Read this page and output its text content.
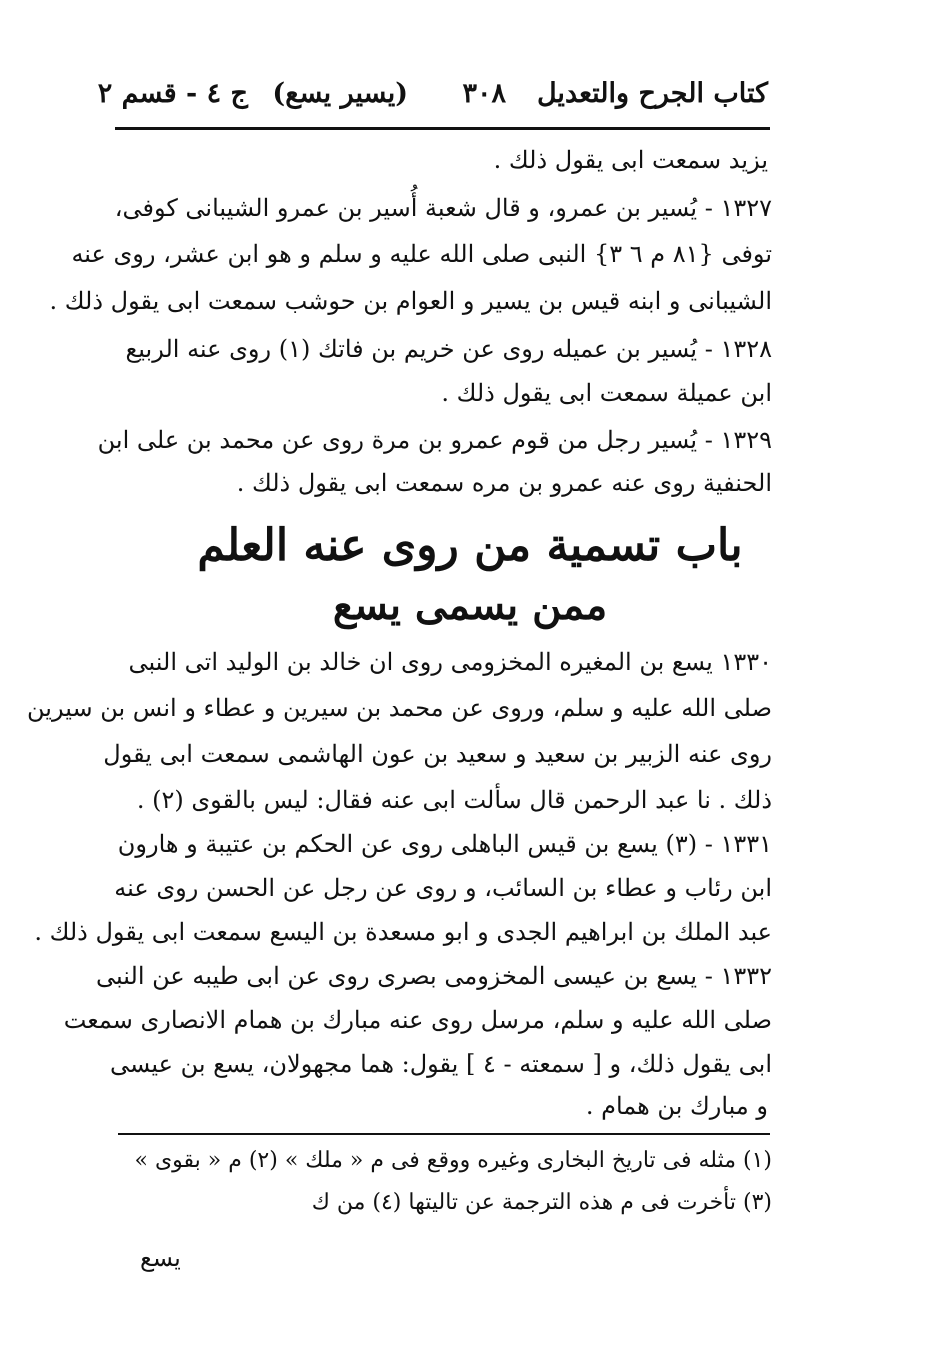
كتاب الجرح والتعديل
٣٠٨
(يسير يسع)
ج ٤ - قسم ٢
يزيد سمعت ابى يقول ذلك .
١٣٢٧ - يُسير بن عمرو، و قال شعبة أُسير بن عمرو الشيبانى كوفى،
توفى {٨١ م ٦ ٣} النبى صلى الله عليه و سلم و هو ابن عشر، روى عنه
الشيبانى و ابنه قيس بن يسير و العوام بن حوشب سمعت ابى يقول ذلك .
١٣٢٨ - يُسير بن عميله روى عن خريم بن فاتك (١) روى عنه الربيع
ابن عميلة سمعت ابى يقول ذلك .
١٣٢٩ - يُسير رجل من قوم عمرو بن مرة روى عن محمد بن على ابن
الحنفية روى عنه عمرو بن مره سمعت ابى يقول ذلك .
باب تسمية من روى عنه العلم
ممن يسمى يسع
١٣٣٠ يسع بن المغيره المخزومى روى ان خالد بن الوليد اتى النبى
صلى الله عليه و سلم، وروى عن محمد بن سيرين و عطاء و انس بن سيرين
روى عنه الزبير بن سعيد و سعيد بن عون الهاشمى سمعت ابى يقول
ذلك . نا عبد الرحمن قال سألت ابى عنه فقال: ليس بالقوى (٢) .
١٣٣١ - (٣) يسع بن قيس الباهلى روى عن الحكم بن عتيبة و هارون
ابن رئاب و عطاء بن السائب، و روى عن رجل عن الحسن روى عنه
عبد الملك بن ابراهيم الجدى و ابو مسعدة بن اليسع سمعت ابى يقول ذلك .
١٣٣٢ - يسع بن عيسى المخزومى بصرى روى عن ابى طيبه عن النبى
صلى الله عليه و سلم، مرسل روى عنه مبارك بن همام الانصارى سمعت
ابى يقول ذلك، و [ سمعته - ٤ ] يقول: هما مجهولان، يسع بن عيسى
و مبارك بن همام .
(١) مثله فى تاريخ البخارى وغيره ووقع فى م « ملك » (٢) م « بقوى »
(٣) تأخرت فى م هذه الترجمة عن تاليتها (٤) من ك
يسع
